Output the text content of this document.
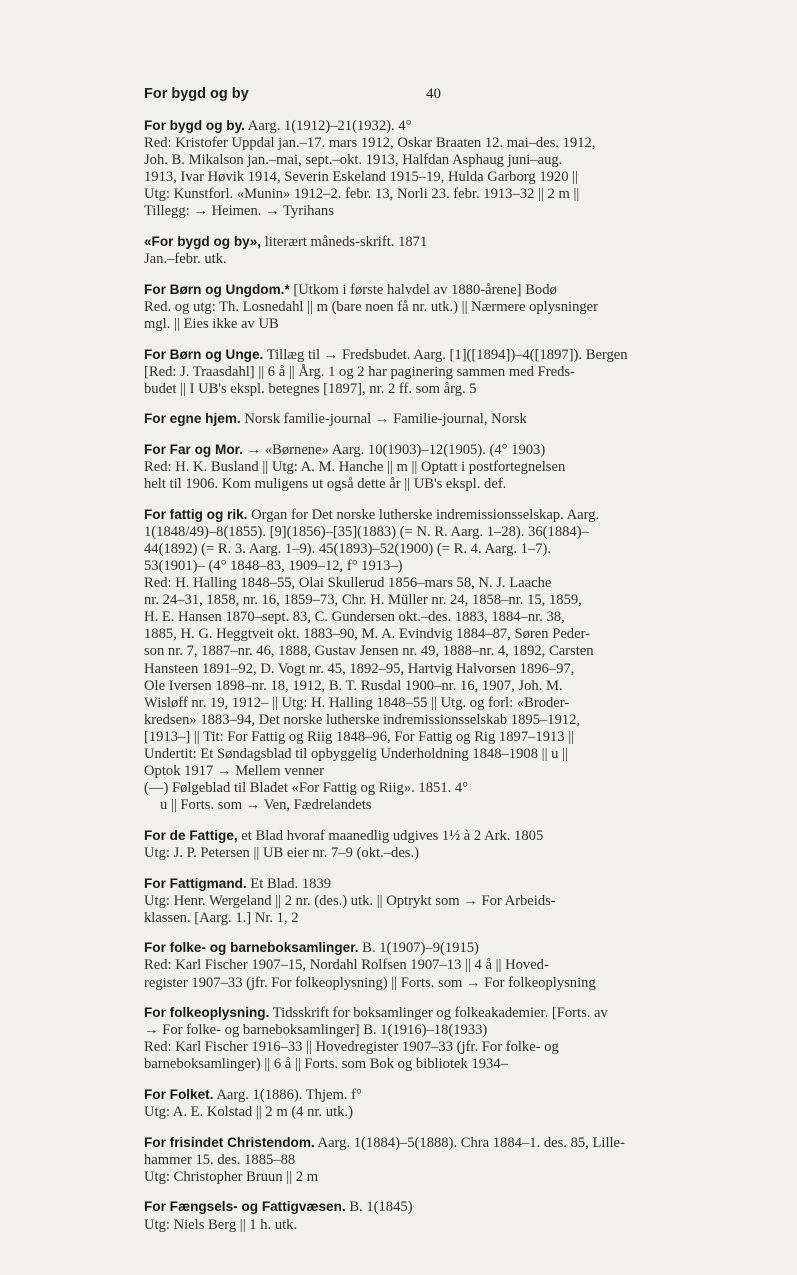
For bygd og by	40

For bygd og by. Aarg. 1(1912)–21(1932). 4°

Red: Kristofer Uppdal jan.–17. mars 1912, Oskar Braaten 12. mai–des. 1912,

Joh. B. Mikalson jan.–mai, sept.–okt. 1913, Halfdan Asphaug juni–aug.

1913, Ivar Høvik 1914, Severin Eskeland 1915–19, Hulda Garborg 1920 ||

Utg: Kunstforl. «Munin» 1912–2. febr. 13, Norli 23. febr. 1913–32 || 2 m ||

Tillegg: → Heimen. → Tyrihans

«For bygd og by», literært måneds-skrift. 1871

Jan.–febr. utk.

For Børn og Ungdom.* [Utkom i første halvdel av 1880-årene] Bodø

Red. og utg: Th. Losnedahl || m (bare noen få nr. utk.) || Nærmere oplysninger

mgl. || Eies ikke av UB

For Børn og Unge. Tillæg til → Fredsbudet. Aarg. [1]([1894])–4([1897]). Bergen

[Red: J. Traasdahl] || 6 å || Årg. 1 og 2 har paginering sammen med Freds-

budet || I UB's ekspl. betegnes [1897], nr. 2 ff. som årg. 5

For egne hjem. Norsk familie-journal → Familie-journal, Norsk

For Far og Mor. → «Børnene» Aarg. 10(1903)–12(1905). (4° 1903)

Red: H. K. Busland || Utg: A. M. Hanche || m || Optatt i postfortegnelsen

helt til 1906. Kom muligens ut også dette år || UB's ekspl. def.

For fattig og rik. Organ for Det norske lutherske indremissionsselskap. Aarg.

1(1848/49)–8(1855). [9](1856)–[35](1883) (= N. R. Aarg. 1–28). 36(1884)–

44(1892) (= R. 3. Aarg. 1–9). 45(1893)–52(1900) (= R. 4. Aarg. 1–7).

53(1901)– (4° 1848–83, 1909–12, f° 1913–)

Red: H. Halling 1848–55, Olai Skullerud 1856–mars 58, N. J. Laache

nr. 24–31, 1858, nr. 16, 1859–73, Chr. H. Müller nr. 24, 1858–nr. 15, 1859,

H. E. Hansen 1870–sept. 83, C. Gundersen okt.–des. 1883, 1884–nr. 38,

1885, H. G. Heggtveit okt. 1883–90, M. A. Evindvig 1884–87, Søren Peder-

son nr. 7, 1887–nr. 46, 1888, Gustav Jensen nr. 49, 1888–nr. 4, 1892, Carsten

Hansteen 1891–92, D. Vogt nr. 45, 1892–95, Hartvig Halvorsen 1896–97,

Ole Iversen 1898–nr. 18, 1912, B. T. Rusdal 1900–nr. 16, 1907, Joh. M.

Wisløff nr. 19, 1912– || Utg: H. Halling 1848–55 || Utg. og forl: «Broder-

kredsen» 1883–94, Det norske lutherske indremissionsselskab 1895–1912,

[1913–] || Tit: For Fattig og Riig 1848–96, For Fattig og Rig 1897–1913 ||

Undertit: Et Søndagsblad til opbyggelig Underholdning 1848–1908 || u ||

Optok 1917 → Mellem venner

(—) Følgeblad til Bladet «For Fattig og Riig». 1851. 4°

u || Forts. som → Ven, Fædrelandets

For de Fattige, et Blad hvoraf maanedlig udgives 1½ à 2 Ark. 1805

Utg: J. P. Petersen || UB eier nr. 7–9 (okt.–des.)

For Fattigmand. Et Blad. 1839

Utg: Henr. Wergeland || 2 nr. (des.) utk. || Optrykt som → For Arbeids-

klassen. [Aarg. 1.] Nr. 1, 2

For folke- og barneboksamlinger. B. 1(1907)–9(1915)

Red: Karl Fischer 1907–15, Nordahl Rolfsen 1907–13 || 4 å || Hoved-

register 1907–33 (jfr. For folkeoplysning) || Forts. som → For folkeoplysning

For folkeoplysning. Tidsskrift for boksamlinger og folkeakademier. [Forts. av

→ For folke- og barneboksamlinger] B. 1(1916)–18(1933)

Red: Karl Fischer 1916–33 || Hovedregister 1907–33 (jfr. For folke- og

barneboksamlinger) || 6 å || Forts. som Bok og bibliotek 1934–

For Folket. Aarg. 1(1886). Thjem. f°

Utg: A. E. Kolstad || 2 m (4 nr. utk.)

For frisindet Christendom. Aarg. 1(1884)–5(1888). Chra 1884–1. des. 85, Lille-

hammer 15. des. 1885–88

Utg: Christopher Bruun || 2 m

For Fængsels- og Fattigvæsen. B. 1(1845)

Utg: Niels Berg || 1 h. utk.
